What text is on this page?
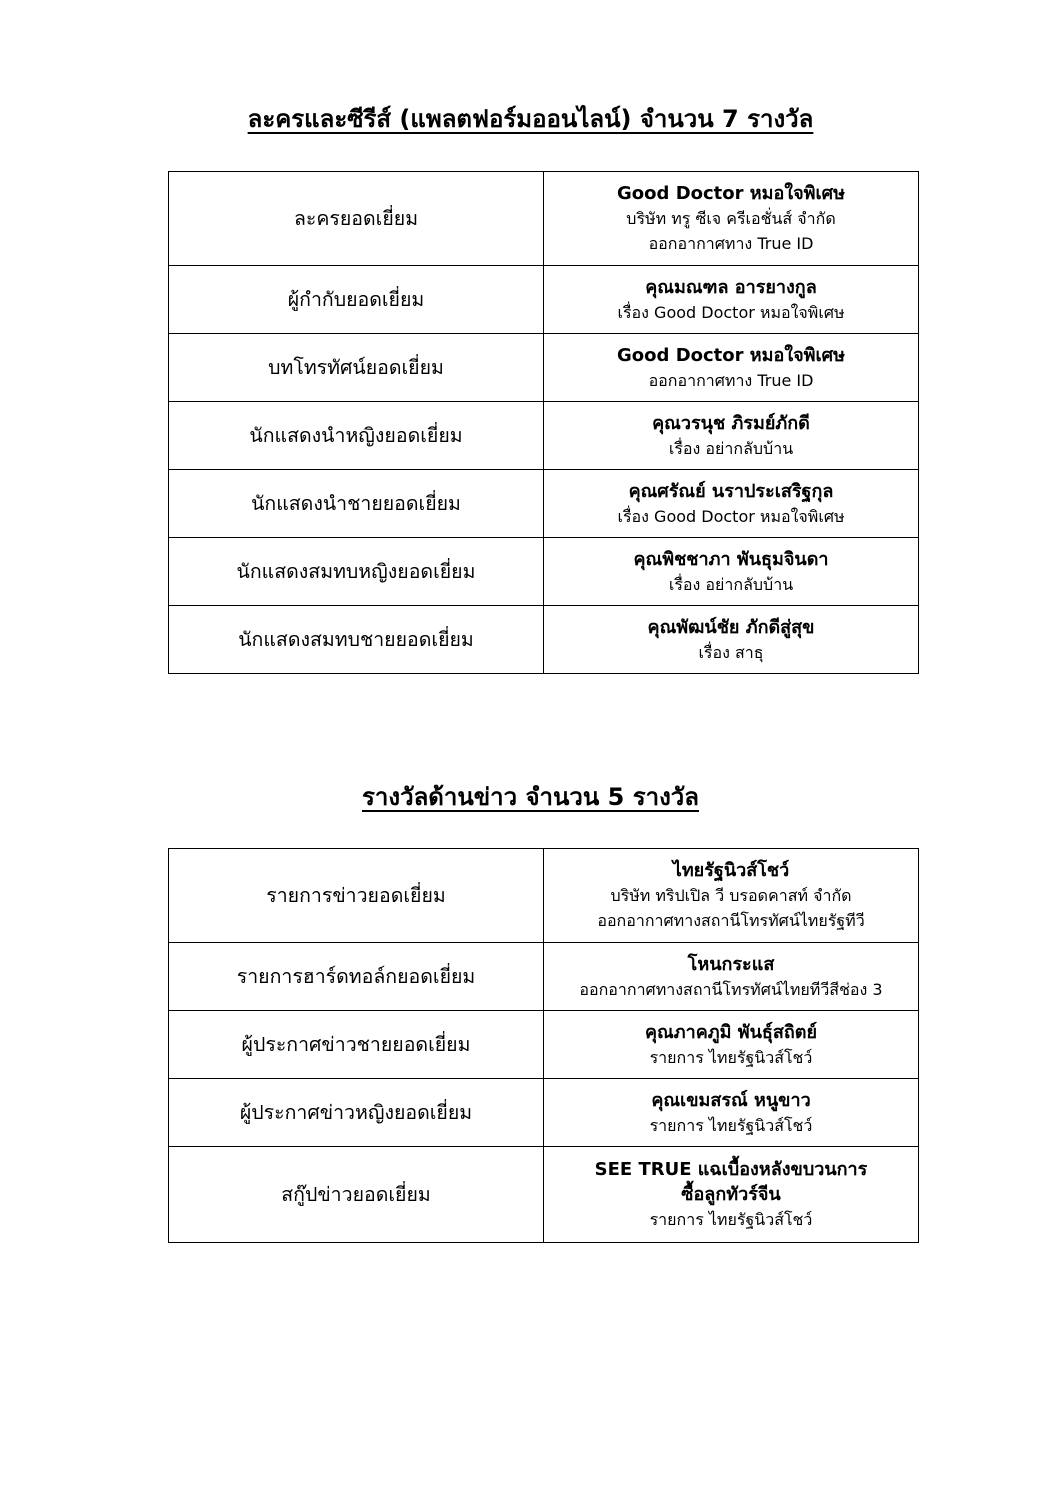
ละครและซีรีส์ (แพลตฟอร์มออนไลน์) จำนวน 7 รางวัล
ละครยอดเยี่ยม	Good Doctor หมอใจพิเศษ
บริษัท ทรู ซีเจ ครีเอชั่นส์ จำกัด
ออกอากาศทาง True ID

ผู้กำกับยอดเยี่ยม	คุณมณฑล อารยางกูล
เรื่อง Good Doctor หมอใจพิเศษ

บทโทรทัศน์ยอดเยี่ยม	Good Doctor หมอใจพิเศษ
ออกอากาศทาง True ID

นักแสดงนำหญิงยอดเยี่ยม	คุณวรนุช ภิรมย์ภักดี
เรื่อง อย่ากลับบ้าน

นักแสดงนำชายยอดเยี่ยม	คุณศรัณย์ นราประเสริฐกุล
เรื่อง Good Doctor หมอใจพิเศษ

นักแสดงสมทบหญิงยอดเยี่ยม	คุณพิชชาภา พันธุมจินดา
เรื่อง อย่ากลับบ้าน

นักแสดงสมทบชายยอดเยี่ยม	คุณพัฒน์ชัย ภักดีสู่สุข
เรื่อง สาธุ
รางวัลด้านข่าว จำนวน 5 รางวัล
รายการข่าวยอดเยี่ยม	ไทยรัฐนิวส์โชว์
บริษัท ทริปเปิล วี บรอดคาสท์ จำกัด
ออกอากาศทางสถานีโทรทัศน์ไทยรัฐทีวี

รายการฮาร์ดทอล์กยอดเยี่ยม	โหนกระแส
ออกอากาศทางสถานีโทรทัศน์ไทยทีวีสีช่อง 3

ผู้ประกาศข่าวชายยอดเยี่ยม	คุณภาคภูมิ พันธุ์สถิตย์
รายการ ไทยรัฐนิวส์โชว์

ผู้ประกาศข่าวหญิงยอดเยี่ยม	คุณเขมสรณ์ หนูขาว
รายการ ไทยรัฐนิวส์โชว์

สกู๊ปข่าวยอดเยี่ยม	SEE TRUE แฉเบื้องหลังขบวนการ ซื้อลูกทัวร์จีน
รายการ ไทยรัฐนิวส์โชว์
